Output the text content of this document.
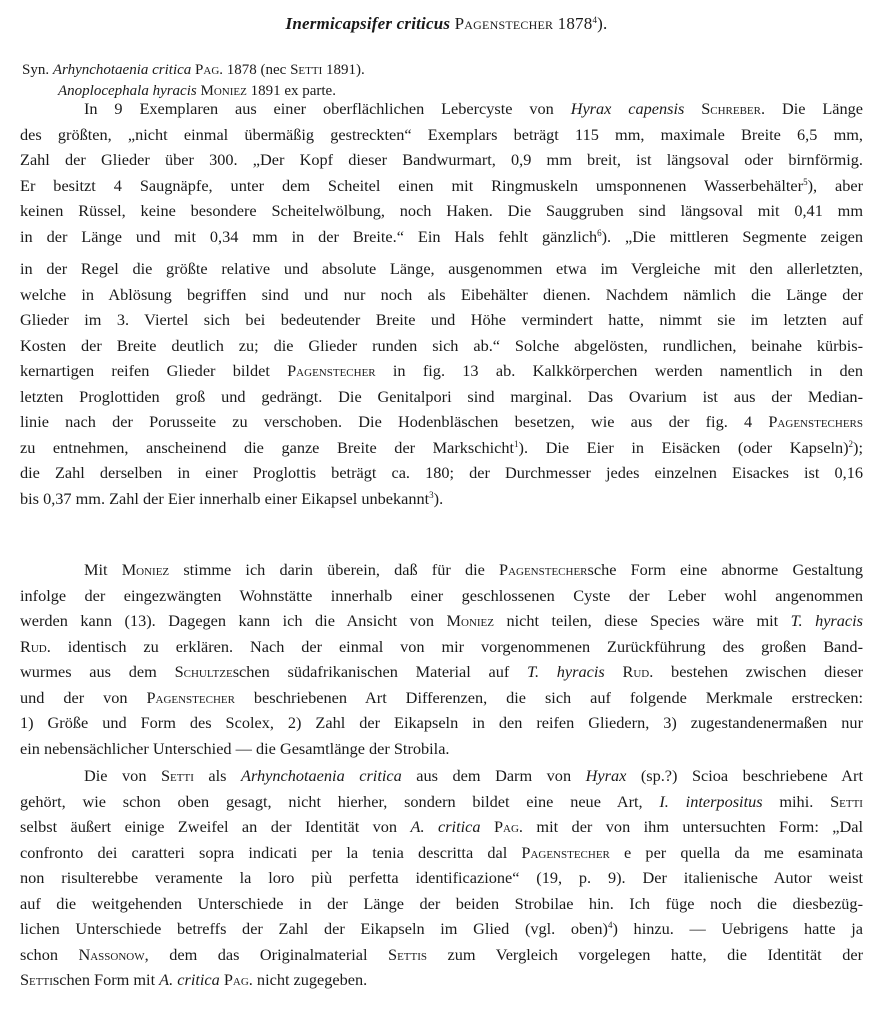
Inermicapsifer criticus Pagenstecher 1878$^4$).
Syn. Arhynchotaenia critica Pag. 1878 (nec Setti 1891).
Anoplocephala hyracis Moniez 1891 ex parte.
In 9 Exemplaren aus einer oberflächlichen Lebercyste von Hyrax capensis Schreber. Die Länge
des größten, „nicht einmal übermäßig gestreckten“ Exemplars beträgt 115 mm, maximale Breite 6,5 mm,
Zahl der Glieder über 300. „Der Kopf dieser Bandwurmart, 0,9 mm breit, ist längsoval oder birnförmig.
Er besitzt 4 Saugnäpfe, unter dem Scheitel einen mit Ringmuskeln umsponnenen Wasserbehälter$^5$), aber
keinen Rüssel, keine besondere Scheitelwölbung, noch Haken. Die Sauggruben sind längsoval mit 0,41 mm
in der Länge und mit 0,34 mm in der Breite.“ Ein Hals fehlt gänzlich$^6$). „Die mittleren Segmente zeigen
in der Regel die größte relative und absolute Länge, ausgenommen etwa im Vergleiche mit den allerletzten,
welche in Ablösung begriffen sind und nur noch als Eibehälter dienen. Nachdem nämlich die Länge der
Glieder im 3. Viertel sich bei bedeutender Breite und Höhe vermindert hatte, nimmt sie im letzten auf
Kosten der Breite deutlich zu; die Glieder runden sich ab.“ Solche abgelösten, rundlichen, beinahe kürbis-
kernartigen reifen Glieder bildet Pagenstecher in fig. 13 ab. Kalkkörperchen werden namentlich in den
letzten Proglottiden groß und gedrängt. Die Genitalpori sind marginal. Das Ovarium ist aus der Median-
linie nach der Porusseite zu verschoben. Die Hodenbläschen besetzen, wie aus der fig. 4 Pagenstechers
zu entnehmen, anscheinend die ganze Breite der Markschicht$^1$). Die Eier in Eisäcken (oder Kapseln)$^2$);
die Zahl derselben in einer Proglottis beträgt ca. 180; der Durchmesser jedes einzelnen Eisackes ist 0,16
bis 0,37 mm. Zahl der Eier innerhalb einer Eikapsel unbekannt$^3$).
Mit Moniez stimme ich darin überein, daß für die Pagenstechersche Form eine abnorme Gestaltung
infolge der eingezwängten Wohnstätte innerhalb einer geschlossenen Cyste der Leber wohl angenommen
werden kann (13). Dagegen kann ich die Ansicht von Moniez nicht teilen, diese Species wäre mit T. hyracis
Rud. identisch zu erklären. Nach der einmal von mir vorgenommenen Zurückführung des großen Band-
wurmes aus dem Schultzeschen südafrikanischen Material auf T. hyracis Rud. bestehen zwischen dieser
und der von Pagenstecher beschriebenen Art Differenzen, die sich auf folgende Merkmale erstrecken:
1) Größe und Form des Scolex, 2) Zahl der Eikapseln in den reifen Gliedern, 3) zugestandenermaßen nur
ein nebensächlicher Unterschied — die Gesamtlänge der Strobila.
Die von Setti als Arhynchotaenia critica aus dem Darm von Hyrax (sp.?) Scioa beschriebene Art
gehört, wie schon oben gesagt, nicht hierher, sondern bildet eine neue Art, I. interpositus mihi. Setti
selbst äußert einige Zweifel an der Identität von A. critica Pag. mit der von ihm untersuchten Form: „Dal
confronto dei caratteri sopra indicati per la tenia descritta dal Pagenstecher e per quella da me esaminata
non risulterebbe veramente la loro più perfetta identificazione“ (19, p. 9). Der italienische Autor weist
auf die weitgehenden Unterschiede in der Länge der beiden Strobilae hin. Ich füge noch die diesbezüg-
lichen Unterschiede betreffs der Zahl der Eikapseln im Glied (vgl. oben)$^4$) hinzu. — Uebrigens hatte ja
schon Nassonow, dem das Originalmaterial Settis zum Vergleich vorgelegen hatte, die Identität der
Settischen Form mit A. critica Pag. nicht zugegeben.
